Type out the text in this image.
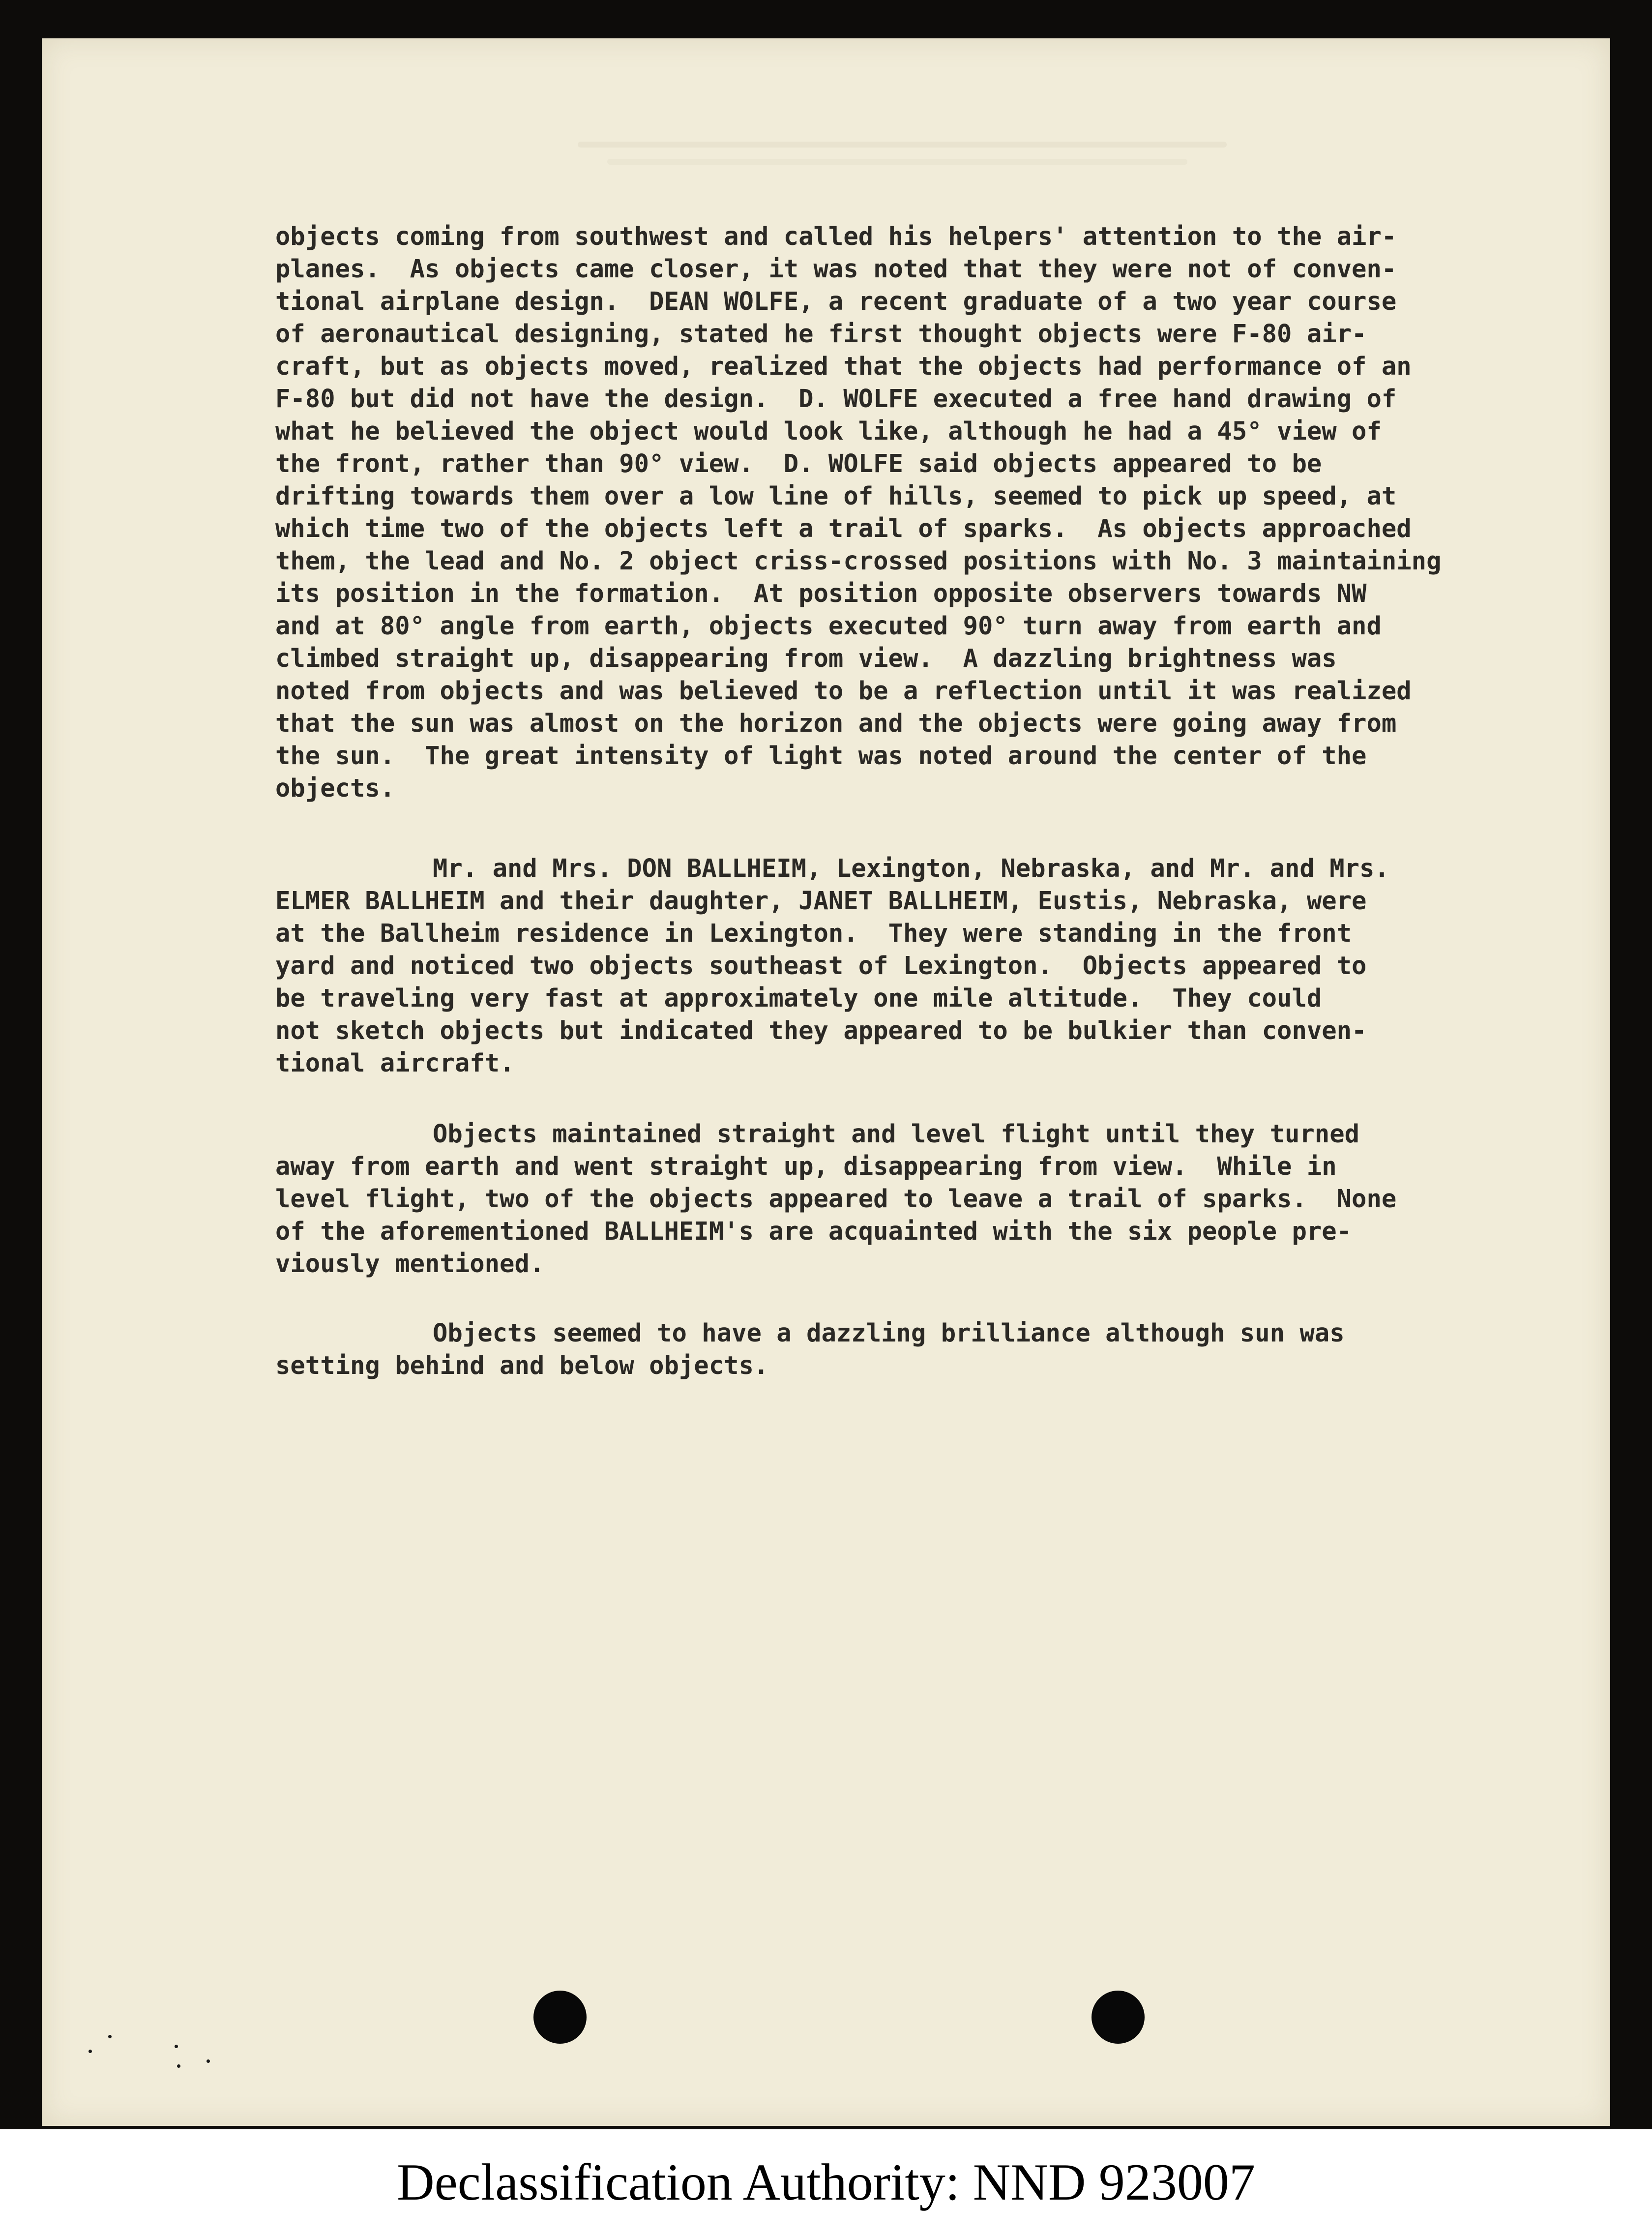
objects coming from southwest and called his helpers' attention to the air-
planes.  As objects came closer, it was noted that they were not of conven-
tional airplane design.  DEAN WOLFE, a recent graduate of a two year course
of aeronautical designing, stated he first thought objects were F-80 air-
craft, but as objects moved, realized that the objects had performance of an
F-80 but did not have the design.  D. WOLFE executed a free hand drawing of
what he believed the object would look like, although he had a 45° view of
the front, rather than 90° view.  D. WOLFE said objects appeared to be
drifting towards them over a low line of hills, seemed to pick up speed, at
which time two of the objects left a trail of sparks.  As objects approached
them, the lead and No. 2 object criss-crossed positions with No. 3 maintaining
its position in the formation.  At position opposite observers towards NW
and at 80° angle from earth, objects executed 90° turn away from earth and
climbed straight up, disappearing from view.  A dazzling brightness was
noted from objects and was believed to be a reflection until it was realized
that the sun was almost on the horizon and the objects were going away from
the sun.  The great intensity of light was noted around the center of the
objects.
Mr. and Mrs. DON BALLHEIM, Lexington, Nebraska, and Mr. and Mrs.
ELMER BALLHEIM and their daughter, JANET BALLHEIM, Eustis, Nebraska, were
at the Ballheim residence in Lexington.  They were standing in the front
yard and noticed two objects southeast of Lexington.  Objects appeared to
be traveling very fast at approximately one mile altitude.  They could
not sketch objects but indicated they appeared to be bulkier than conven-
tional aircraft.
Objects maintained straight and level flight until they turned
away from earth and went straight up, disappearing from view.  While in
level flight, two of the objects appeared to leave a trail of sparks.  None
of the aforementioned BALLHEIM's are acquainted with the six people pre-
viously mentioned.
Objects seemed to have a dazzling brilliance although sun was
setting behind and below objects.
Declassification Authority: NND 923007
